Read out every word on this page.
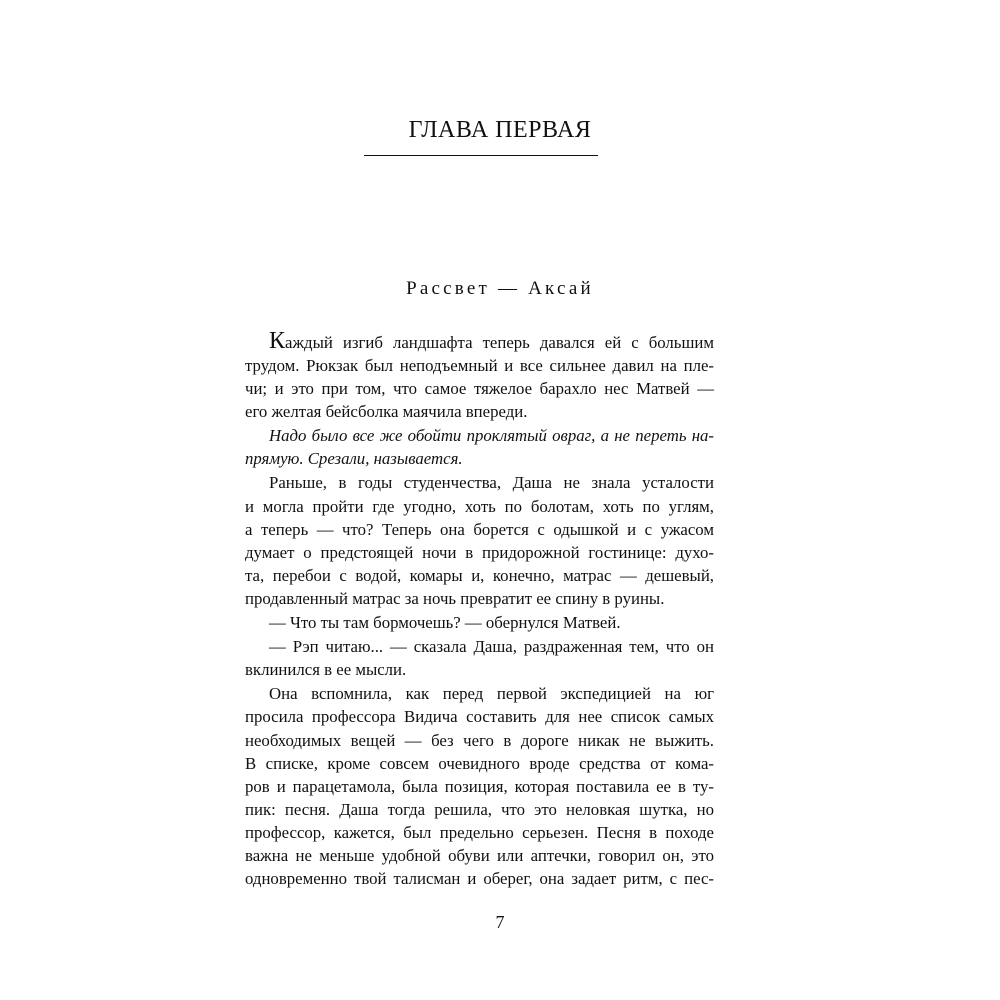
ГЛАВА ПЕРВАЯ
Рассвет — Аксай
Каждый изгиб ландшафта теперь давался ей с большим
трудом. Рюкзак был неподъемный и все сильнее давил на пле-
чи; и это при том, что самое тяжелое барахло нес Матвей —
его желтая бейсболка маячила впереди.
Надо было все же обойти проклятый овраг, а не переть на-
прямую. Срезали, называется.
Раньше, в годы студенчества, Даша не знала усталости
и могла пройти где угодно, хоть по болотам, хоть по углям,
а теперь — что? Теперь она борется с одышкой и с ужасом
думает о предстоящей ночи в придорожной гостинице: духо-
та, перебои с водой, комары и, конечно, матрас — дешевый,
продавленный матрас за ночь превратит ее спину в руины.
— Что ты там бормочешь? — обернулся Матвей.
— Рэп читаю... — сказала Даша, раздраженная тем, что он
вклинился в ее мысли.
Она вспомнила, как перед первой экспедицией на юг
просила профессора Видича составить для нее список самых
необходимых вещей — без чего в дороге никак не выжить.
В списке, кроме совсем очевидного вроде средства от кома-
ров и парацетамола, была позиция, которая поставила ее в ту-
пик: песня. Даша тогда решила, что это неловкая шутка, но
профессор, кажется, был предельно серьезен. Песня в походе
важна не меньше удобной обуви или аптечки, говорил он, это
одновременно твой талисман и оберег, она задает ритм, с пес-
7
